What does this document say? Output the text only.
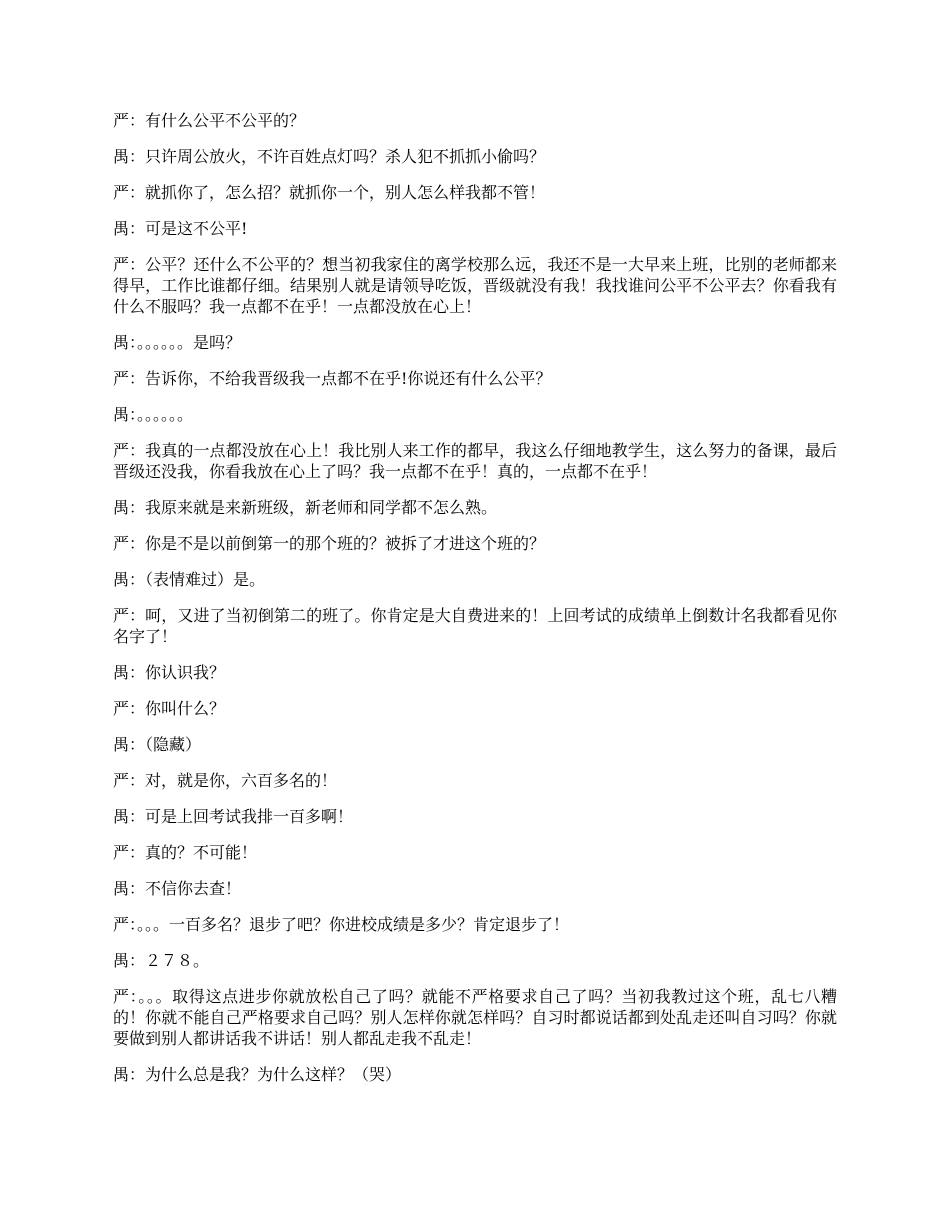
严：有什么公平不公平的？

禺：只许周公放火，不许百姓点灯吗？杀人犯不抓抓小偷吗？

严：就抓你了，怎么招？就抓你一个，别人怎么样我都不管！

禺：可是这不公平!

严：公平？还什么不公平的？想当初我家住的离学校那么远，我还不是一大早来上班，比别的老师都来得早，工作比谁都仔细。结果别人就是请领导吃饭，晋级就没有我！我找谁问公平不公平去？你看我有什么不服吗？我一点都不在乎！一点都没放在心上！

禺：。。。。。。是吗？

严：告诉你，不给我晋级我一点都不在乎!你说还有什么公平？

禺：。。。。。。

严：我真的一点都没放在心上！我比别人来工作的都早，我这么仔细地教学生，这么努力的备课，最后晋级还没我，你看我放在心上了吗？我一点都不在乎！真的，一点都不在乎！

禺：我原来就是来新班级，新老师和同学都不怎么熟。

严：你是不是以前倒第一的那个班的？被拆了才进这个班的？

禺：（表情难过）是。

严：呵，又进了当初倒第二的班了。你肯定是大自费进来的！上回考试的成绩单上倒数计名我都看见你名字了！

禺：你认识我？

严：你叫什么？

禺：（隐藏）

严：对，就是你，六百多名的！

禺：可是上回考试我排一百多啊！

严：真的？不可能！

禺：不信你去查！

严：。。。一百多名？退步了吧？你进校成绩是多少？肯定退步了！

禺：２７８。

严：。。。取得这点进步你就放松自己了吗？就能不严格要求自己了吗？当初我教过这个班，乱七八糟的！你就不能自己严格要求自己吗？别人怎样你就怎样吗？自习时都说话都到处乱走还叫自习吗？你就要做到别人都讲话我不讲话！别人都乱走我不乱走！

禺：为什么总是我？为什么这样？（哭）
